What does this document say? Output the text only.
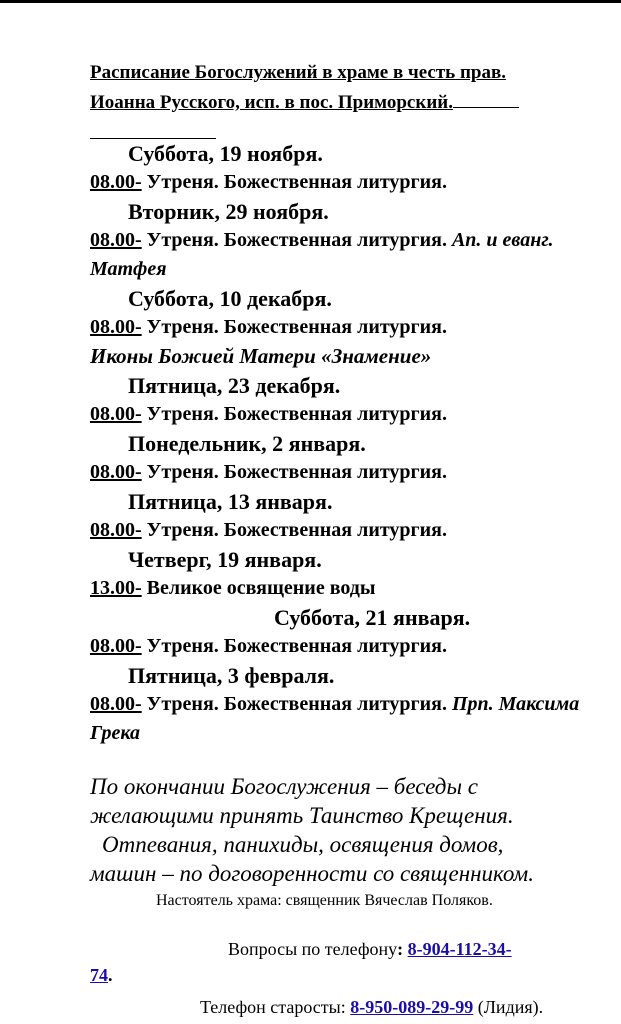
Расписание Богослужений в храме в честь прав.
Иоанна Русского, исп. в пос. Приморский.
Суббота, 19 ноября.
08.00- Утреня. Божественная литургия.
Вторник, 29 ноября.
08.00- Утреня. Божественная литургия. Ап. и еванг. Матфея
Суббота, 10 декабря.
08.00- Утреня. Божественная литургия.
Иконы Божией Матери «Знамение»
Пятница, 23 декабря.
08.00- Утреня. Божественная литургия.
Понедельник, 2 января.
08.00- Утреня. Божественная литургия.
Пятница, 13 января.
08.00- Утреня. Божественная литургия.
Четверг, 19 января.
13.00- Великое освящение воды
Суббота, 21 января.
08.00- Утреня. Божественная литургия.
Пятница, 3 февраля.
08.00- Утреня. Божественная литургия. Прп. Максима Грека
По окончании Богослужения – беседы с

желающими принять Таинство Крещения.
Отпевания, панихиды, освящения домов,
машин – по договоренности со священником.
Настоятель храма: священник Вячеслав Поляков.
Вопросы по телефону: 8-904-112-34-
74.
Телефон старосты: 8-950-089-29-99 (Лидия).
